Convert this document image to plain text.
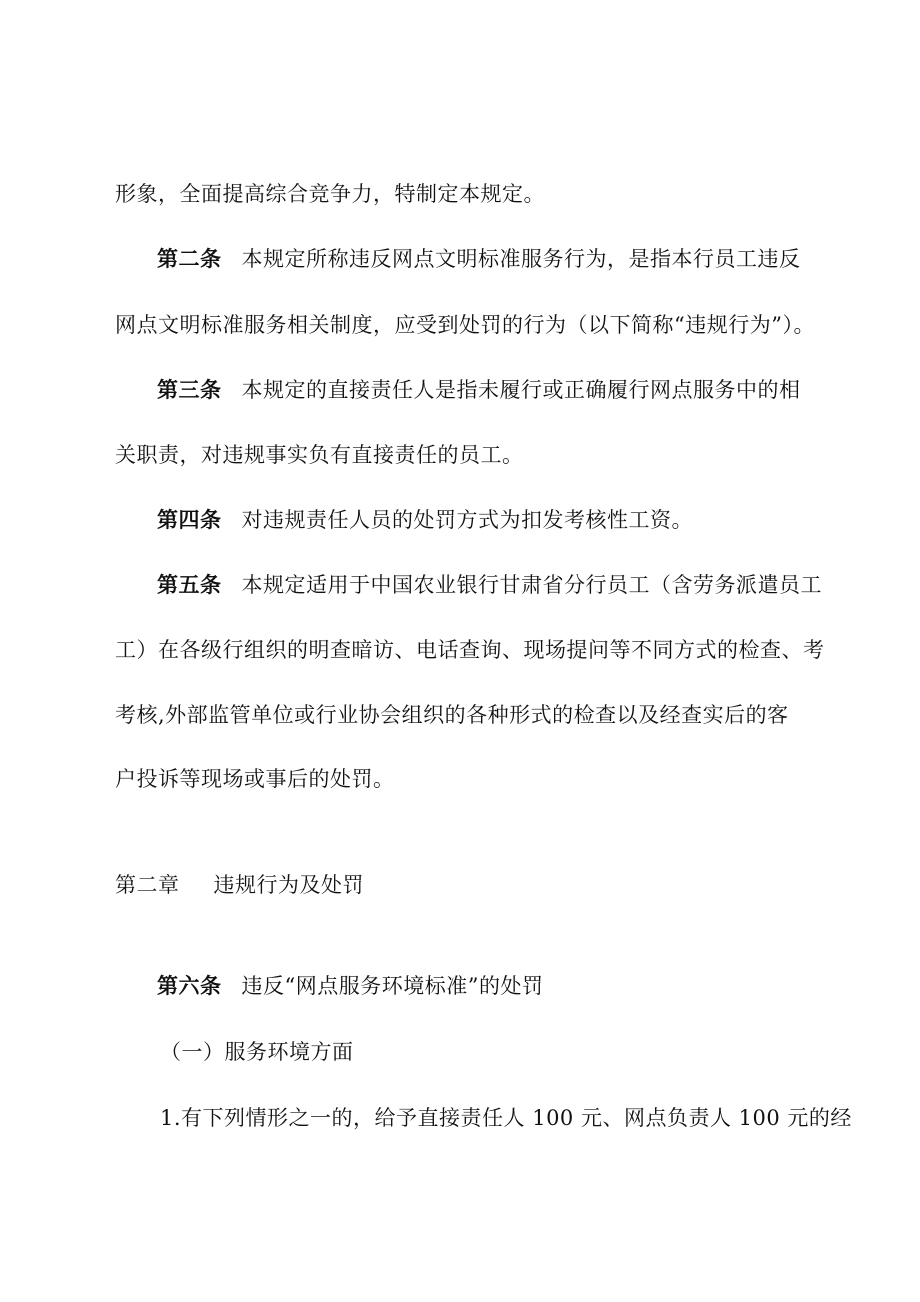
形象，全面提高综合竞争力，特制定本规定。
第二条 本规定所称违反网点文明标准服务行为，是指本行员工违反
网点文明标准服务相关制度，应受到处罚的行为（以下简称“违规行为”）。
第三条 本规定的直接责任人是指未履行或正确履行网点服务中的相
关职责，对违规事实负有直接责任的员工。
第四条 对违规责任人员的处罚方式为扣发考核性工资。
第五条 本规定适用于中国农业银行甘肃省分行员工（含劳务派遣员工
工）在各级行组织的明查暗访、电话查询、现场提问等不同方式的检查、考
考核,外部监管单位或行业协会组织的各种形式的检查以及经查实后的客
户投诉等现场或事后的处罚。
第二章 违规行为及处罚
第六条 违反“网点服务环境标准”的处罚
（一）服务环境方面
1.有下列情形之一的，给予直接责任人 100 元、网点负责人 100 元的经
